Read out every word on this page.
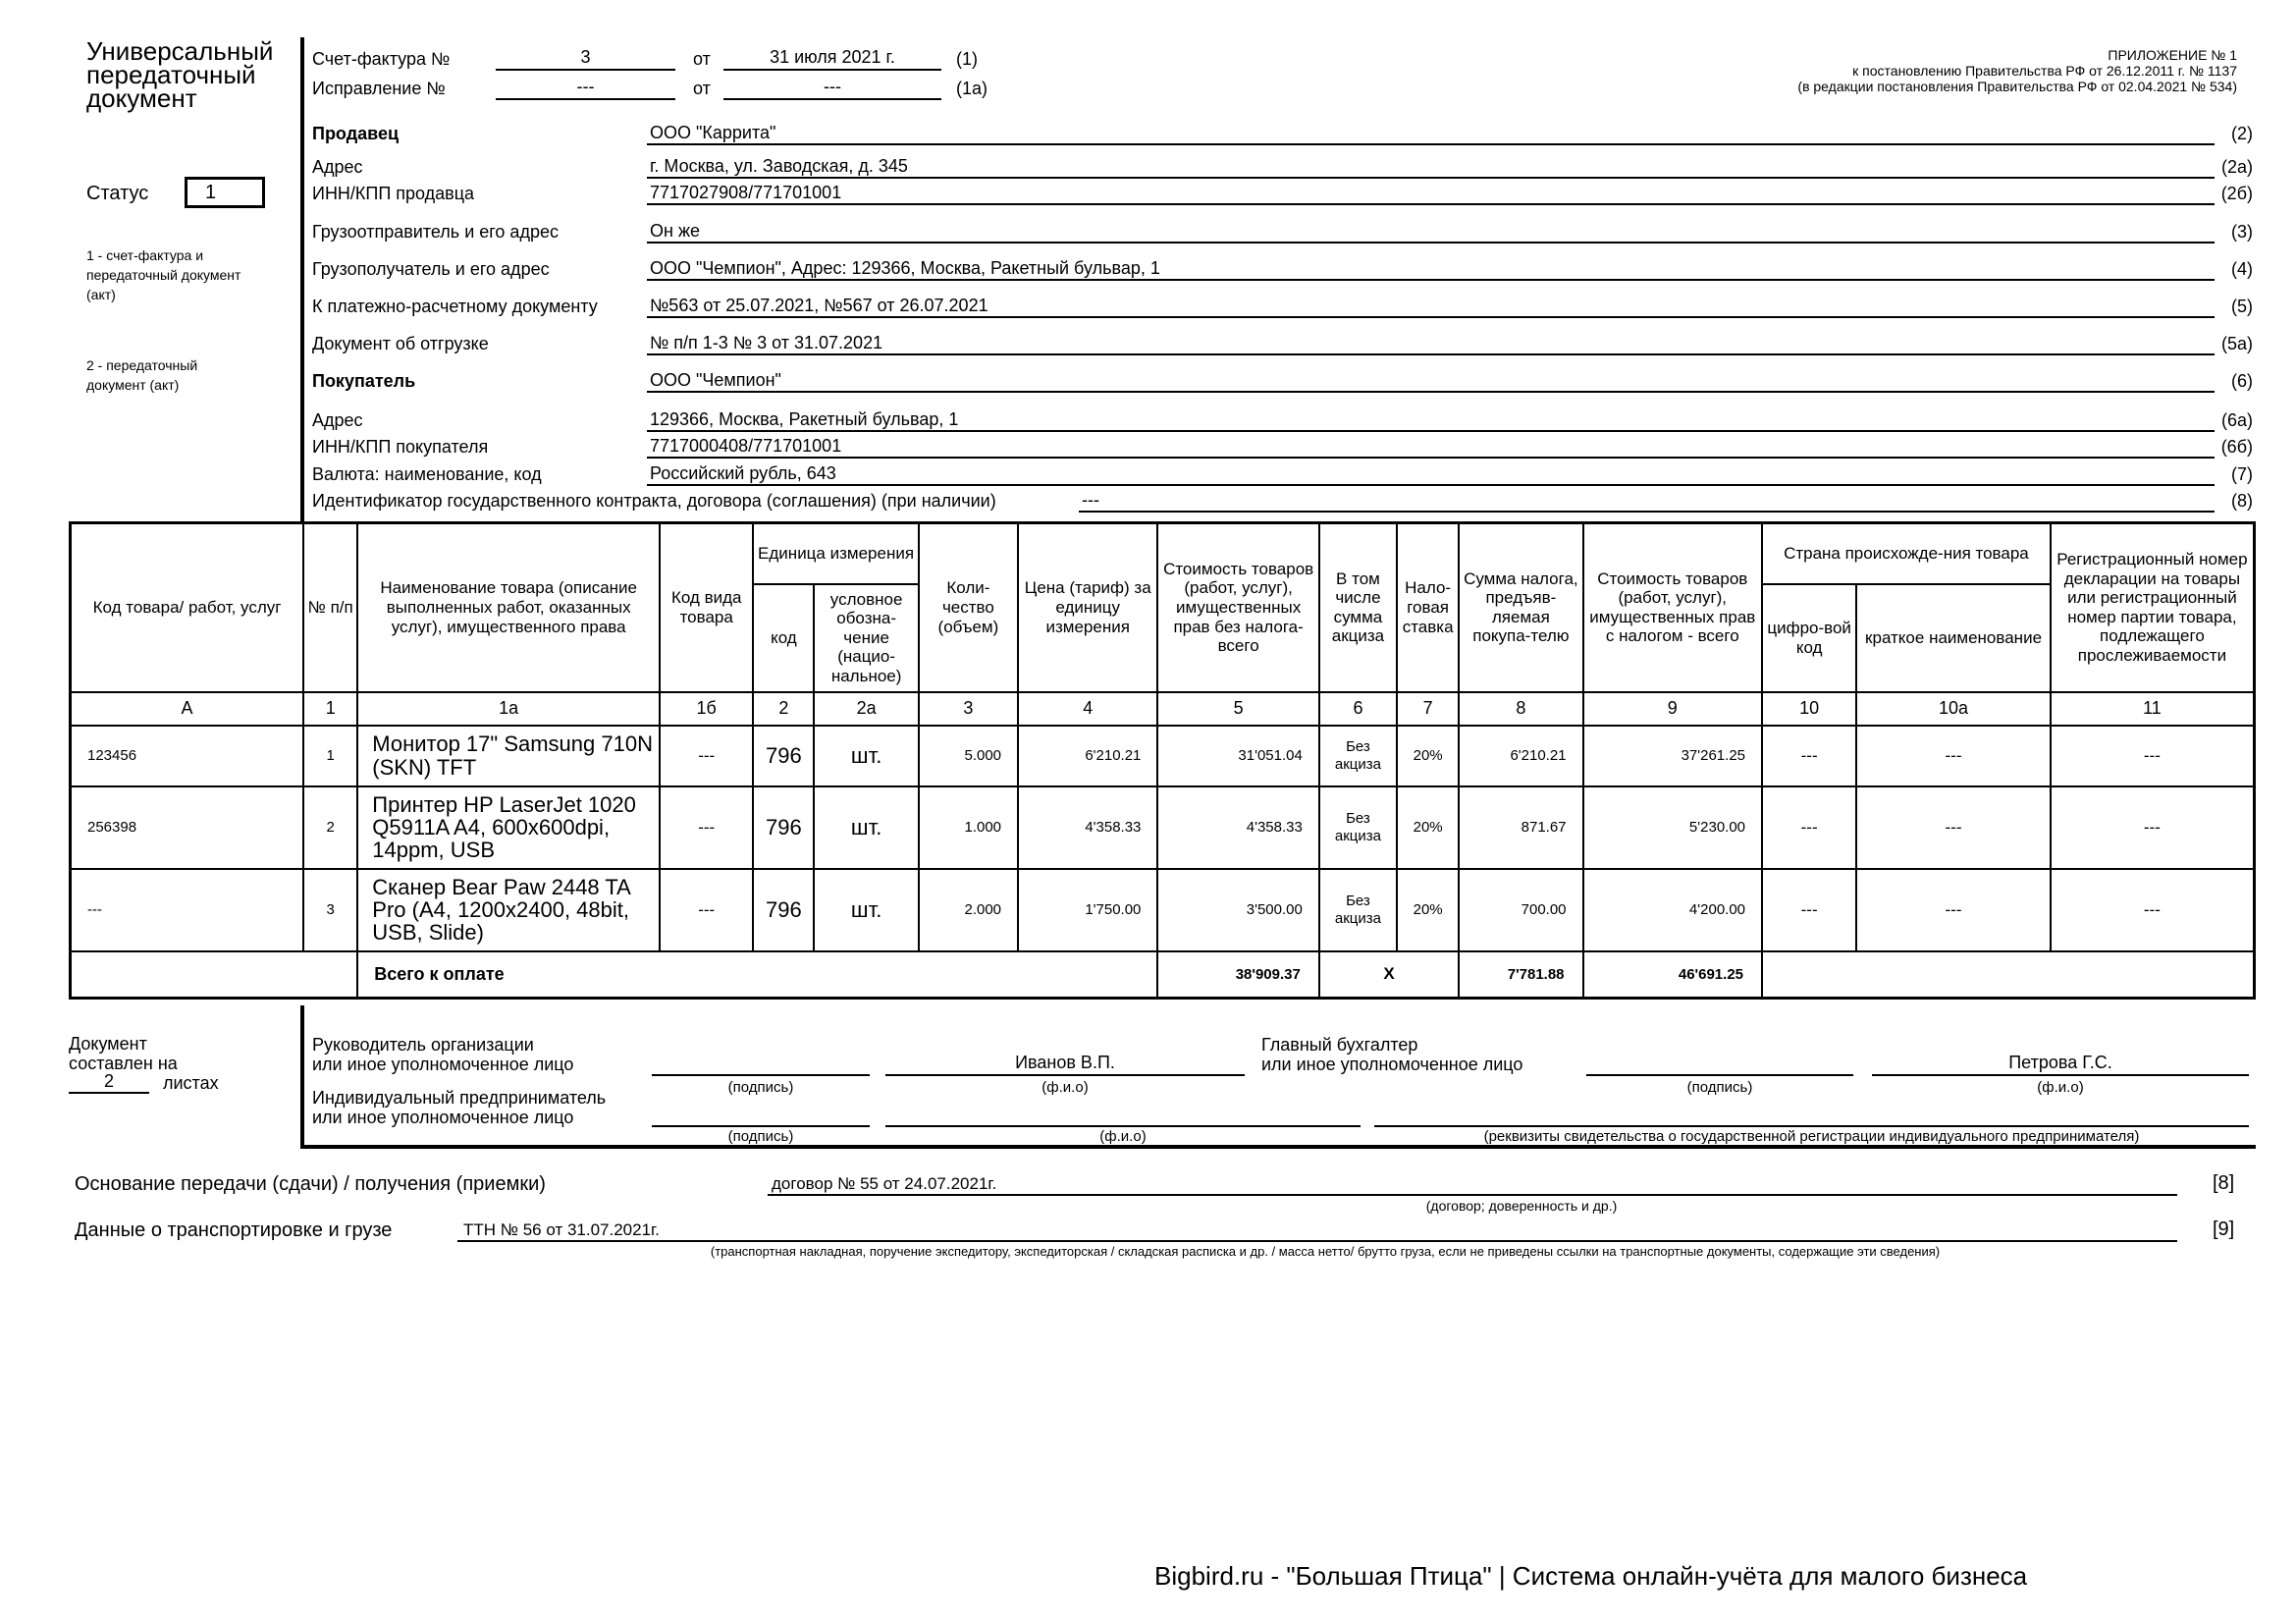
Универсальный
передаточный
документ
Статус	1
1 - счет-фактура и
передаточный документ
(акт)
2 - передаточный
документ (акт)
Счет-фактура №	3	от	31 июля 2021 г.	(1)
Исправление №	---	от	---	(1а)
ПРИЛОЖЕНИЕ № 1
к постановлению Правительства РФ от 26.12.2011 г. № 1137
(в редакции постановления Правительства РФ от 02.04.2021 № 534)
Продавец	ООО "Каррита"	(2)
Адрес	г. Москва, ул. Заводская, д. 345	(2а)
ИНН/КПП продавца	7717027908/771701001	(2б)
Грузоотправитель и его адрес	Он же	(3)
Грузополучатель и его адрес	ООО "Чемпион", Адрес: 129366, Москва, Ракетный бульвар, 1	(4)
К платежно-расчетному документу	№563 от 25.07.2021, №567 от 26.07.2021	(5)
Документ об отгрузке	№ п/п 1-3 № 3 от 31.07.2021	(5а)
Покупатель	ООО "Чемпион"	(6)
Адрес	129366, Москва, Ракетный бульвар, 1	(6а)
ИНН/КПП покупателя	7717000408/771701001	(6б)
Валюта: наименование, код	Российский рубль, 643	(7)
Идентификатор государственного контракта, договора (соглашения) (при наличии)	---	(8)
Код товара/ работ, услуг	№ п/п	Наименование товара (описание выполненных работ, оказанных услуг), имущественного права	Код вида товара	Единица измерения		Коли-чество (объем)	Цена (тариф) за единицу измерения	Стоимость товаров (работ, услуг), имущественных прав без налога-всего	В том числе сумма акциза	Нало-говая ставка	Сумма налога, предъяв-ляемая покупа-телю	Стоимость товаров (работ, услуг), имущественных прав с налогом - всего	Страна происхожде-ния товара		Регистрационный номер декларации на товары или регистрационный номер партии товара, подлежащего прослеживаемости
				код	условное обозна-чение (нацио-нальное)								цифро-вой код	краткое наименование	
А	1	1а	1б	2	2а	3	4	5	6	7	8	9	10	10а	11
123456	1	Монитор 17" Samsung 710N (SKN) TFT	---	796	шт.	5.000	6'210.21	31'051.04	Без акциза	20%	6'210.21	37'261.25	---	---	---
256398	2	Принтер HP LaserJet 1020 Q5911A A4, 600x600dpi, 14ppm, USB	---	796	шт.	1.000	4'358.33	4'358.33	Без акциза	20%	871.67	5'230.00	---	---	---
---	3	Сканер Bear Paw 2448 TA Pro (A4, 1200x2400, 48bit, USB, Slide)	---	796	шт.	2.000	1'750.00	3'500.00	Без акциза	20%	700.00	4'200.00	---	---	---
		Всего к оплате						38'909.37	X		7'781.88	46'691.25			
Документ
составлен на
2	листах
Руководитель организации
или иное уполномоченное лицо	Иванов В.П.
(подпись)	(ф.и.о)
Главный бухгалтер
или иное уполномоченное лицо	Петрова Г.С.
(подпись)	(ф.и.о)
Индивидуальный предприниматель
или иное уполномоченное лицо
(подпись)	(ф.и.о)	(реквизиты свидетельства о государственной регистрации индивидуального предпринимателя)
Основание передачи (сдачи) / получения (приемки)	договор № 55 от 24.07.2021г.	[8]
(договор; доверенность и др.)
Данные о транспортировке и грузе	ТТН № 56 от 31.07.2021г.	[9]
(транспортная накладная, поручение экспедитору, экспедиторская / складская расписка и др. / масса нетто/ брутто груза, если не приведены ссылки на транспортные документы, содержащие эти сведения)
Bigbird.ru - "Большая Птица" | Система онлайн-учёта для малого бизнеса
